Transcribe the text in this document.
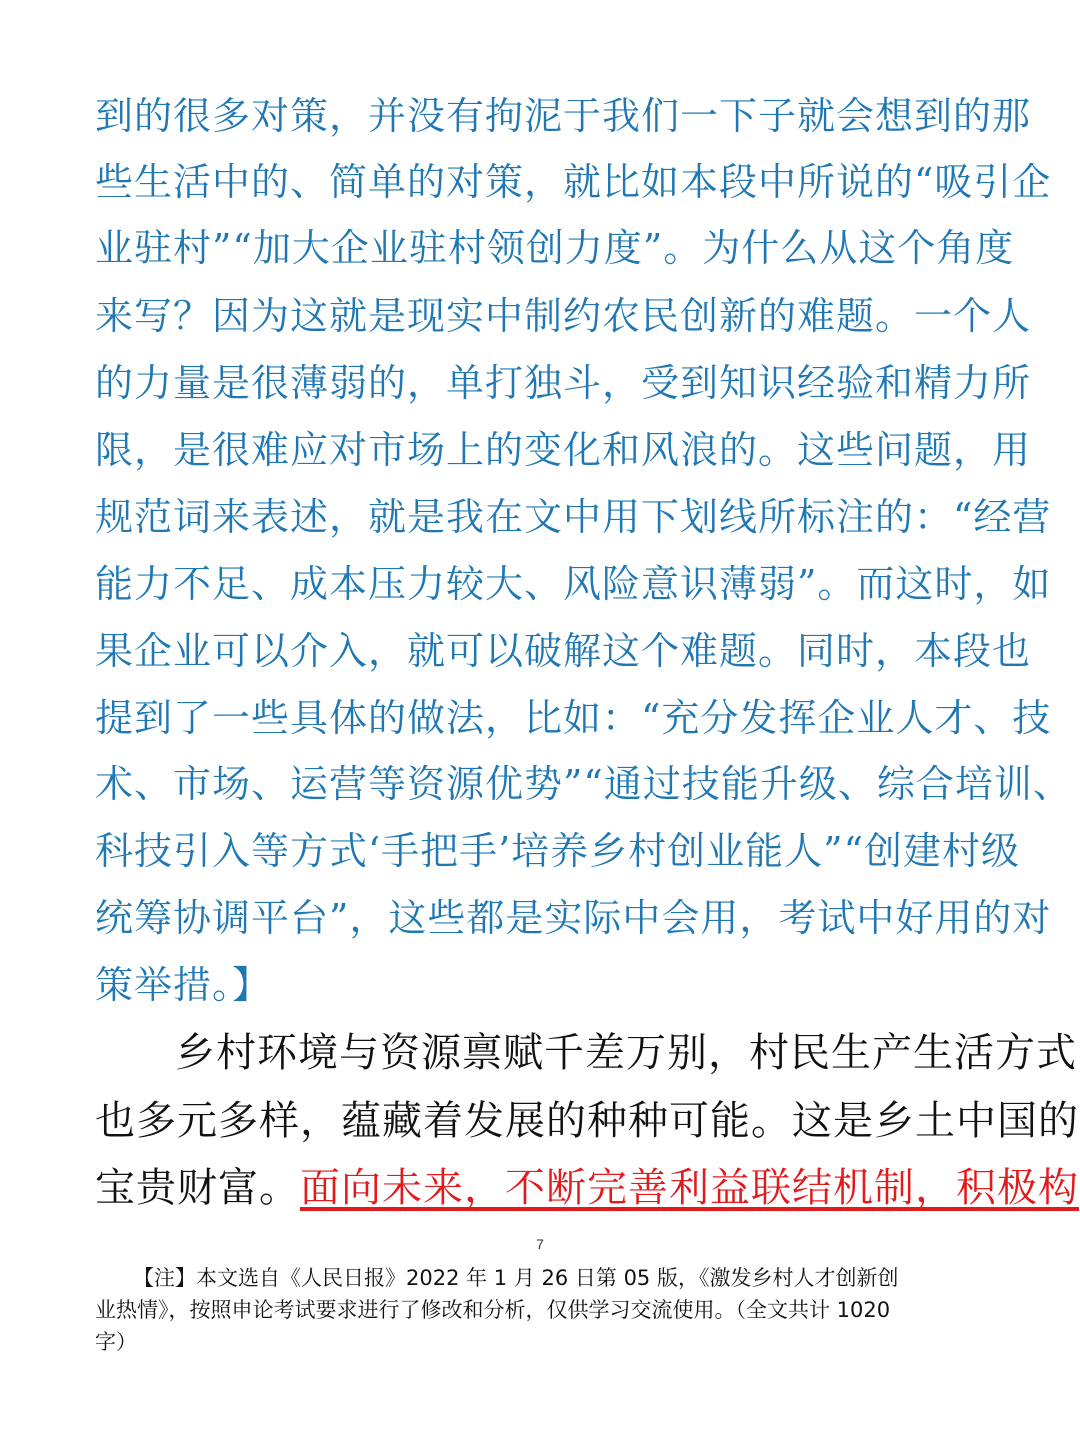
到的很多对策，并没有拘泥于我们一下子就会想到的那
些生活中的、简单的对策，就比如本段中所说的“吸引企
业驻村”“加大企业驻村领创力度”。为什么从这个角度
来写？因为这就是现实中制约农民创新的难题。一个人
的力量是很薄弱的，单打独斗，受到知识经验和精力所
限，是很难应对市场上的变化和风浪的。这些问题，用
规范词来表述，就是我在文中用下划线所标注的：“经营
能力不足、成本压力较大、风险意识薄弱”。而这时，如
果企业可以介入，就可以破解这个难题。同时，本段也
提到了一些具体的做法，比如：“充分发挥企业人才、技
术、市场、运营等资源优势”“通过技能升级、综合培训、
科技引入等方式‘手把手’培养乡村创业能人”“创建村级
统筹协调平台”，这些都是实际中会用，考试中好用的对
策举措。】
乡村环境与资源禀赋千差万别，村民生产生活方式
也多元多样，蕴藏着发展的种种可能。这是乡土中国的
宝贵财富。面向未来，不断完善利益联结机制，积极构
7
【注】本文选自《人民日报》2022 年 1 月 26 日第 05 版，《激发乡村人才创新创
业热情》，按照申论考试要求进行了修改和分析，仅供学习交流使用。（全文共计 1020
字）
